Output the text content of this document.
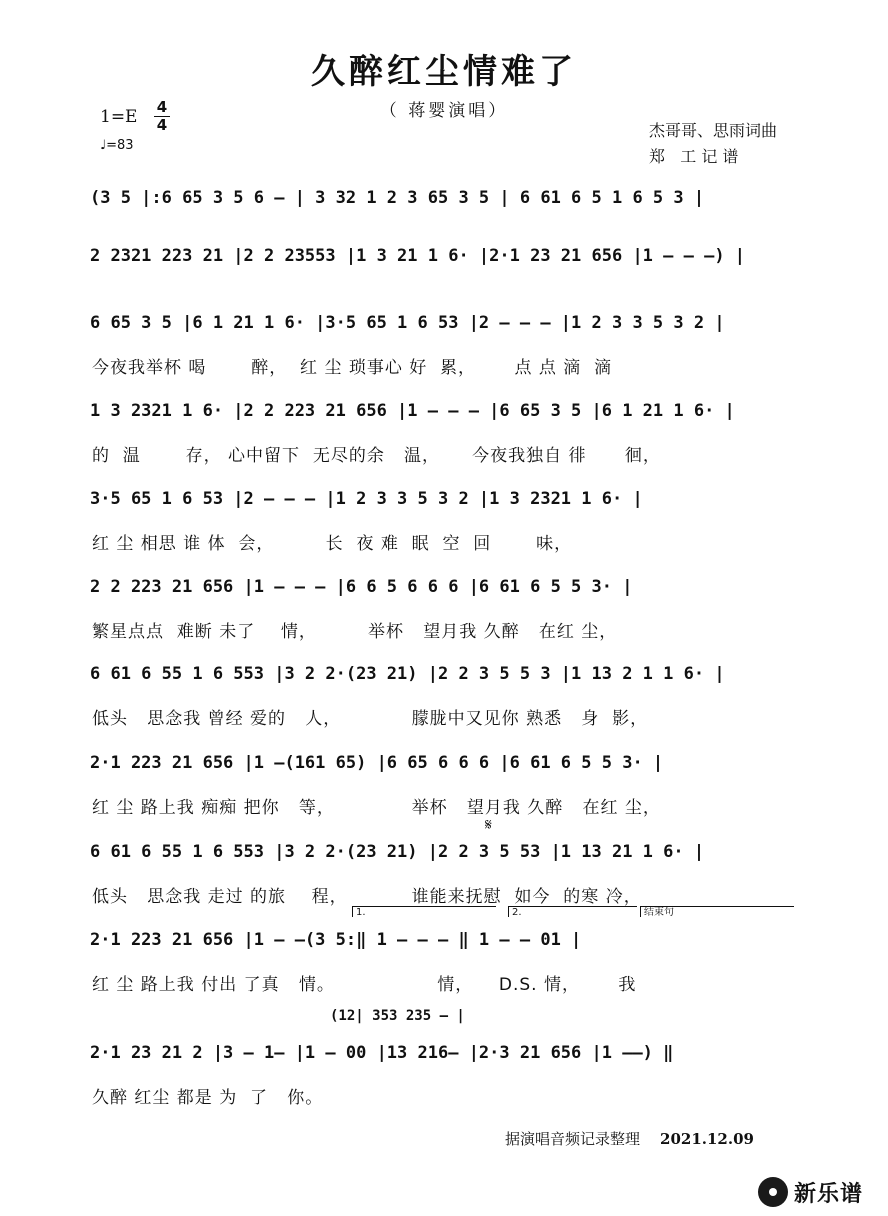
久醉红尘情难了
（ 蒋婴演唱）
1=E 4
4
♩=83
杰哥哥、思雨词曲
郑   工 记 谱
(3 5 |:6 65 3 5 6 – | 3 32 1 2 3 65 3 5 | 6 61 6 5 1 6 5 3 |
2 2321 223 21 |2 2 23553 |1 3 21 1 6· |2·1 23 21 656 |1 – – –) |
6 65 3 5 |6 1 21 1 6· |3·5 65 1 6 53 |2 – – – |1 2 3 3 5 3 2 |
今夜我举杯 喝       醉，  红 尘 琐事心 好  累，      点 点 滴  滴
1 3 2321 1 6· |2 2 223 21 656 |1 – – – |6 65 3 5 |6 1 21 1 6· |
的  温       存， 心中留下  无尽的余   温，     今夜我独自 徘      徊，
3·5 65 1 6 53 |2 – – – |1 2 3 3 5 3 2 |1 3 2321 1 6· |
红 尘 相思 谁 体  会，        长  夜 难  眠  空  回       味，
2 2 223 21 656 |1 – – – |6 6 5 6 6 6 |6 61 6 5 5 3· |
繁星点点  难断 未了    情，        举杯   望月我 久醉   在红 尘，
6 61 6 55 1 6 553 |3 2 2·(23 21) |2 2 3 5 5 3 |1 13 2 1 1 6· |
低头   思念我 曾经 爱的   人，           朦胧中又见你 熟悉   身  影，
2·1 223 21 656 |1 –(161 65) |6 65 6 6 6 |6 61 6 5 5 3· |
红 尘 路上我 痴痴 把你   等，            举杯   望月我 久醉   在红 尘，
𝄋
6 61 6 55 1 6 553 |3 2 2·(23 21) |2 2 3 5 53 |1 13 21 1 6· |
低头   思念我 走过 的旅    程，          谁能来抚慰  如今  的寒 冷，
1.	2.	结束句
2·1 223 21 656 |1 – –(3 5:‖ 1 – – – ‖ 1 – – 01 |
红 尘 路上我 付出 了真   情。                情，    D.S. 情，      我
(12| 353 235 – |
2·1 23 21 2 |3 – 1– |1 – 00 |13 216– |2·3 21 656 |1 ––) ‖
久醉 红尘 都是 为  了   你。
据演唱音频记录整理 2021.12.09
新乐谱
